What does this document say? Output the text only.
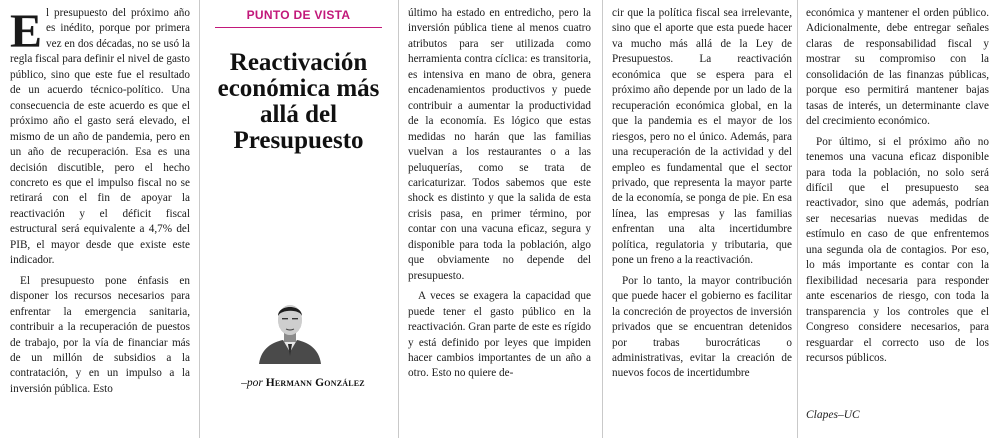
El presupuesto del próximo año es inédito, porque por primera vez en dos décadas, no se usó la regla fiscal para definir el nivel de gasto público, sino que este fue el resultado de un acuerdo técnico-político. Una consecuencia de este acuerdo es que el próximo año el gasto será elevado, el mismo de un año de pandemia, pero en un año de recuperación. Esa es una decisión discutible, pero el hecho concreto es que el impulso fiscal no se retirará con el fin de apoyar la reactivación y el déficit fiscal estructural será equivalente a 4,7% del PIB, el mayor desde que existe este indicador.

El presupuesto pone énfasis en disponer los recursos necesarios para enfrentar la emergencia sanitaria, contribuir a la recuperación de puestos de trabajo, por la vía de financiar más de un millón de subsidios a la contratación, y en un impulso a la inversión pública. Esto

PUNTO DE VISTA
Reactivación económica más allá del Presupuesto
–por Hermann González

último ha estado en entredicho, pero la inversión pública tiene al menos cuatro atributos para ser utilizada como herramienta contra cíclica: es transitoria, es intensiva en mano de obra, genera encadenamientos productivos y puede contribuir a aumentar la productividad de la economía. Es lógico que estas medidas no harán que las familias vuelvan a los restaurantes o a las peluquerías, como se trata de caricaturizar. Todos sabemos que este shock es distinto y que la salida de esta crisis pasa, en primer término, por contar con una vacuna eficaz, segura y disponible para toda la población, algo que obviamente no depende del presupuesto.

A veces se exagera la capacidad que puede tener el gasto público en la reactivación. Gran parte de este es rígido y está definido por leyes que impiden hacer cambios importantes de un año a otro. Esto no quiere de-

cir que la política fiscal sea irrelevante, sino que el aporte que esta puede hacer va mucho más allá de la Ley de Presupuestos. La reactivación económica que se espera para el próximo año depende por un lado de la recuperación económica global, en la que la pandemia es el mayor de los riesgos, pero no el único. Además, para una recuperación de la actividad y del empleo es fundamental que el sector privado, que representa la mayor parte de la economía, se ponga de pie. En esa línea, las empresas y las familias enfrentan una alta incertidumbre política, regulatoria y tributaria, que pone un freno a la reactivación.

Por lo tanto, la mayor contribución que puede hacer el gobierno es facilitar la concreción de proyectos de inversión privados que se encuentran detenidos por trabas burocráticas o administrativas, evitar la creación de nuevos focos de incertidumbre

económica y mantener el orden público. Adicionalmente, debe entregar señales claras de responsabilidad fiscal y mostrar su compromiso con la consolidación de las finanzas públicas, porque eso permitirá mantener bajas tasas de interés, un determinante clave del crecimiento económico.

Por último, si el próximo año no tenemos una vacuna eficaz disponible para toda la población, no solo será difícil que el presupuesto sea reactivador, sino que además, podrían ser necesarias nuevas medidas de estímulo en caso de que enfrentemos una segunda ola de contagios. Por eso, lo más importante es contar con la flexibilidad necesaria para responder ante escenarios de riesgo, con toda la transparencia y los controles que el Congreso considere necesarios, para resguardar el correcto uso de los recursos públicos.

Clapes–UC
